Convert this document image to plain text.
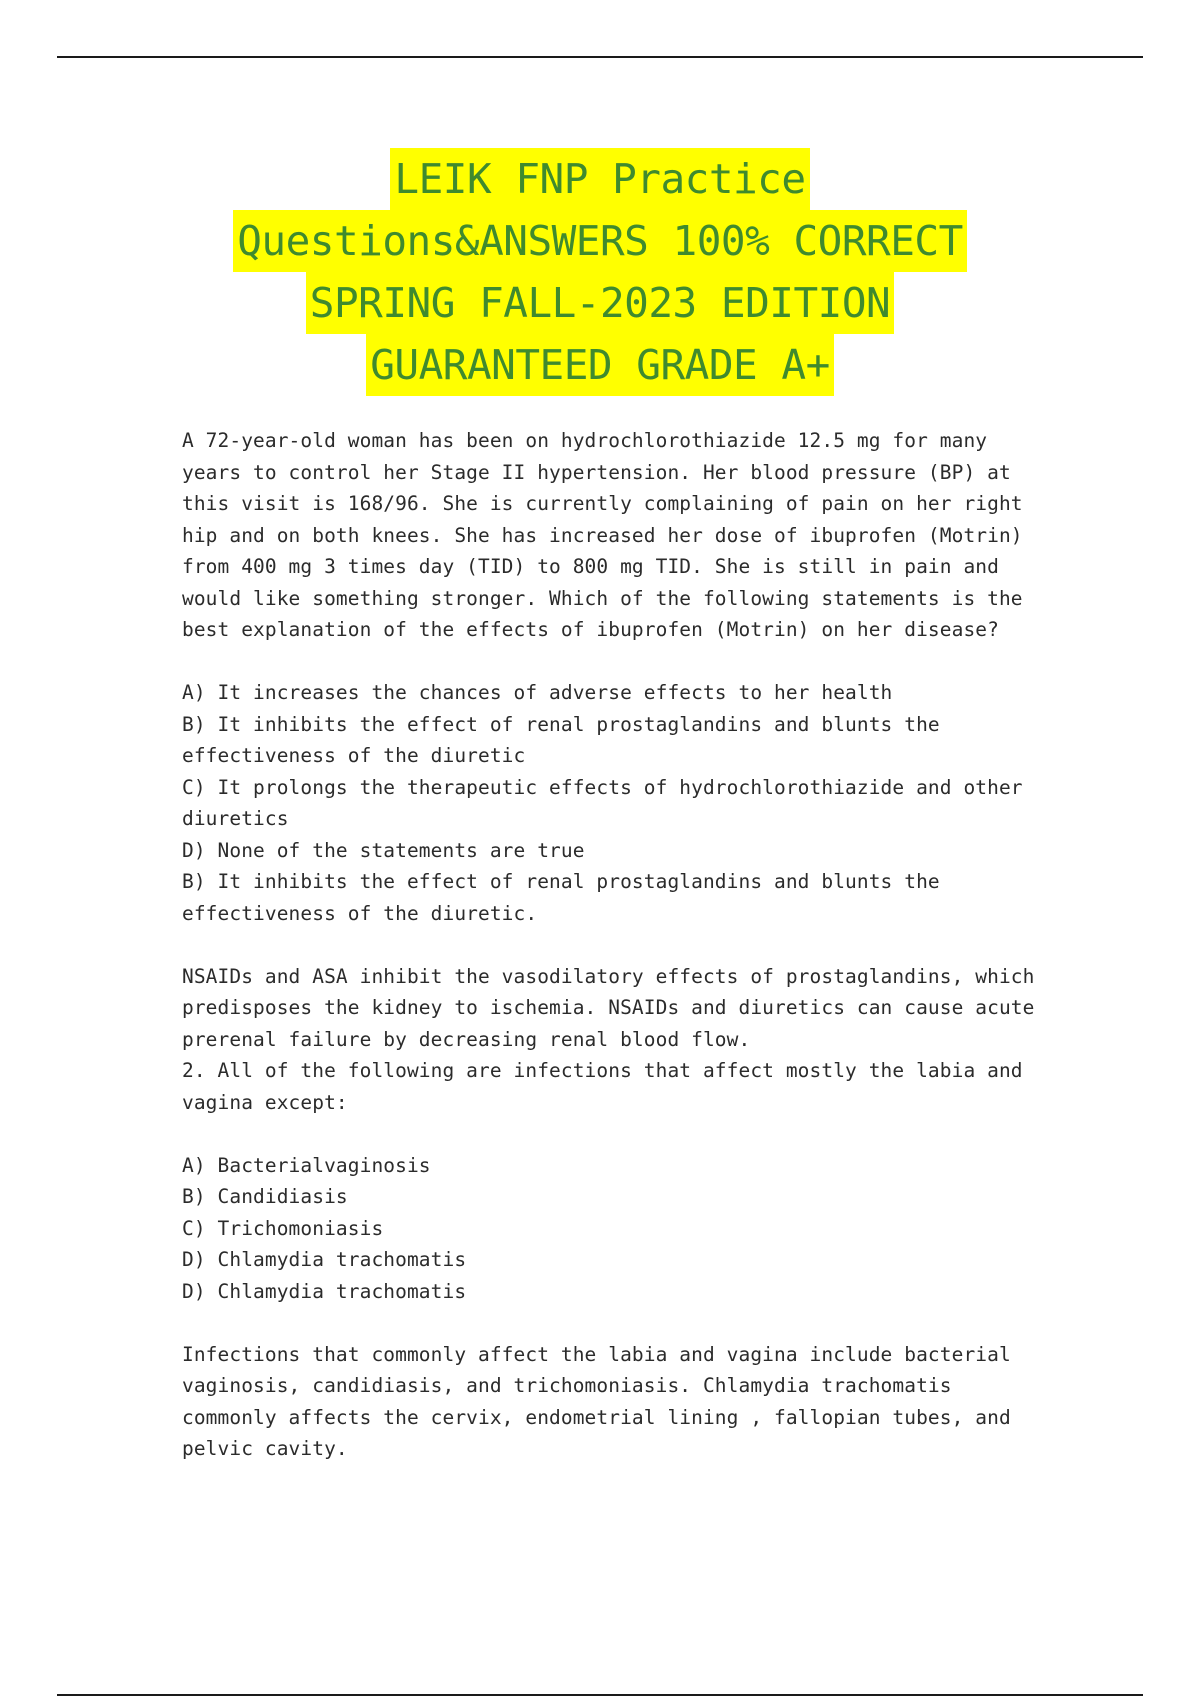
LEIK FNP Practice
Questions&ANSWERS 100% CORRECT
SPRING FALL-2023 EDITION
GUARANTEED GRADE A+

A 72-year-old woman has been on hydrochlorothiazide 12.5 mg for many years to control her Stage II hypertension. Her blood pressure (BP) at this visit is 168/96. She is currently complaining of pain on her right hip and on both knees. She has increased her dose of ibuprofen (Motrin) from 400 mg 3 times day (TID) to 800 mg TID. She is still in pain and would like something stronger. Which of the following statements is the best explanation of the effects of ibuprofen (Motrin) on her disease?

A) It increases the chances of adverse effects to her health

B) It inhibits the effect of renal prostaglandins and blunts the effectiveness of the diuretic

C) It prolongs the therapeutic effects of hydrochlorothiazide and other diuretics

D) None of the statements are true

B) It inhibits the effect of renal prostaglandins and blunts the effectiveness of the diuretic.

NSAIDs and ASA inhibit the vasodilatory effects of prostaglandins, which predisposes the kidney to ischemia. NSAIDs and diuretics can cause acute prerenal failure by decreasing renal blood flow.

2. All of the following are infections that affect mostly the labia and vagina except:

A) Bacterialvaginosis

B) Candidiasis

C) Trichomoniasis

D) Chlamydia trachomatis

D) Chlamydia trachomatis

Infections that commonly affect the labia and vagina include bacterial vaginosis, candidiasis, and trichomoniasis. Chlamydia trachomatis commonly affects the cervix, endometrial lining , fallopian tubes, and pelvic cavity.
